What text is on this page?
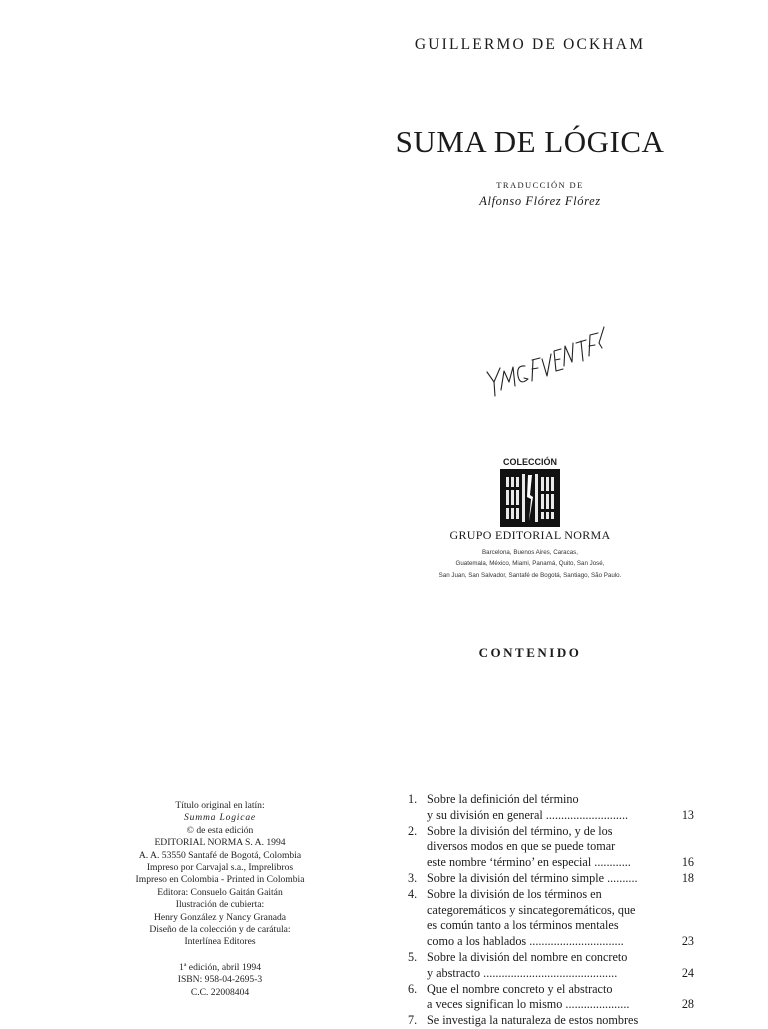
GUILLERMO DE OCKHAM
SUMA DE LÓGICA
TRADUCCIÓN DE
Alfonso Flórez Flórez
COLECCIÓN
GRUPO EDITORIAL NORMA
Barcelona, Buenos Aires, Caracas,
Guatemala, México, Miami, Panamá, Quito, San José,
San Juan, San Salvador, Santafé de Bogotá, Santiago, São Paulo.
CONTENIDO
Título original en latín:
Summa Logicae
© de esta edición
EDITORIAL NORMA S. A. 1994
A. A. 53550 Santafé de Bogotá, Colombia
Impreso por Carvajal s.a., Imprelibros
Impreso en Colombia - Printed in Colombia
Editora: Consuelo Gaitán Gaitán
Ilustración de cubierta:
Henry González y Nancy Granada
Diseño de la colección y de carátula:
Interlínea Editores
1ª edición, abril 1994
ISBN: 958-04-2695-3
C.C. 22008404
1. Sobre la definición del término
y su división en general ...........................	13
2. Sobre la división del término, y de los
diversos modos en que se puede tomar
este nombre ‘término’ en especial ............	16
3. Sobre la división del término simple ..........	18
4. Sobre la división de los términos en
categoremáticos y sincategoremáticos, que
es común tanto a los términos mentales
como a los hablados ...............................	23
5. Sobre la división del nombre en concreto
y abstracto ............................................	24
6. Que el nombre concreto y el abstracto
a veces significan lo mismo .....................	28
7. Se investiga la naturaleza de estos nombres
